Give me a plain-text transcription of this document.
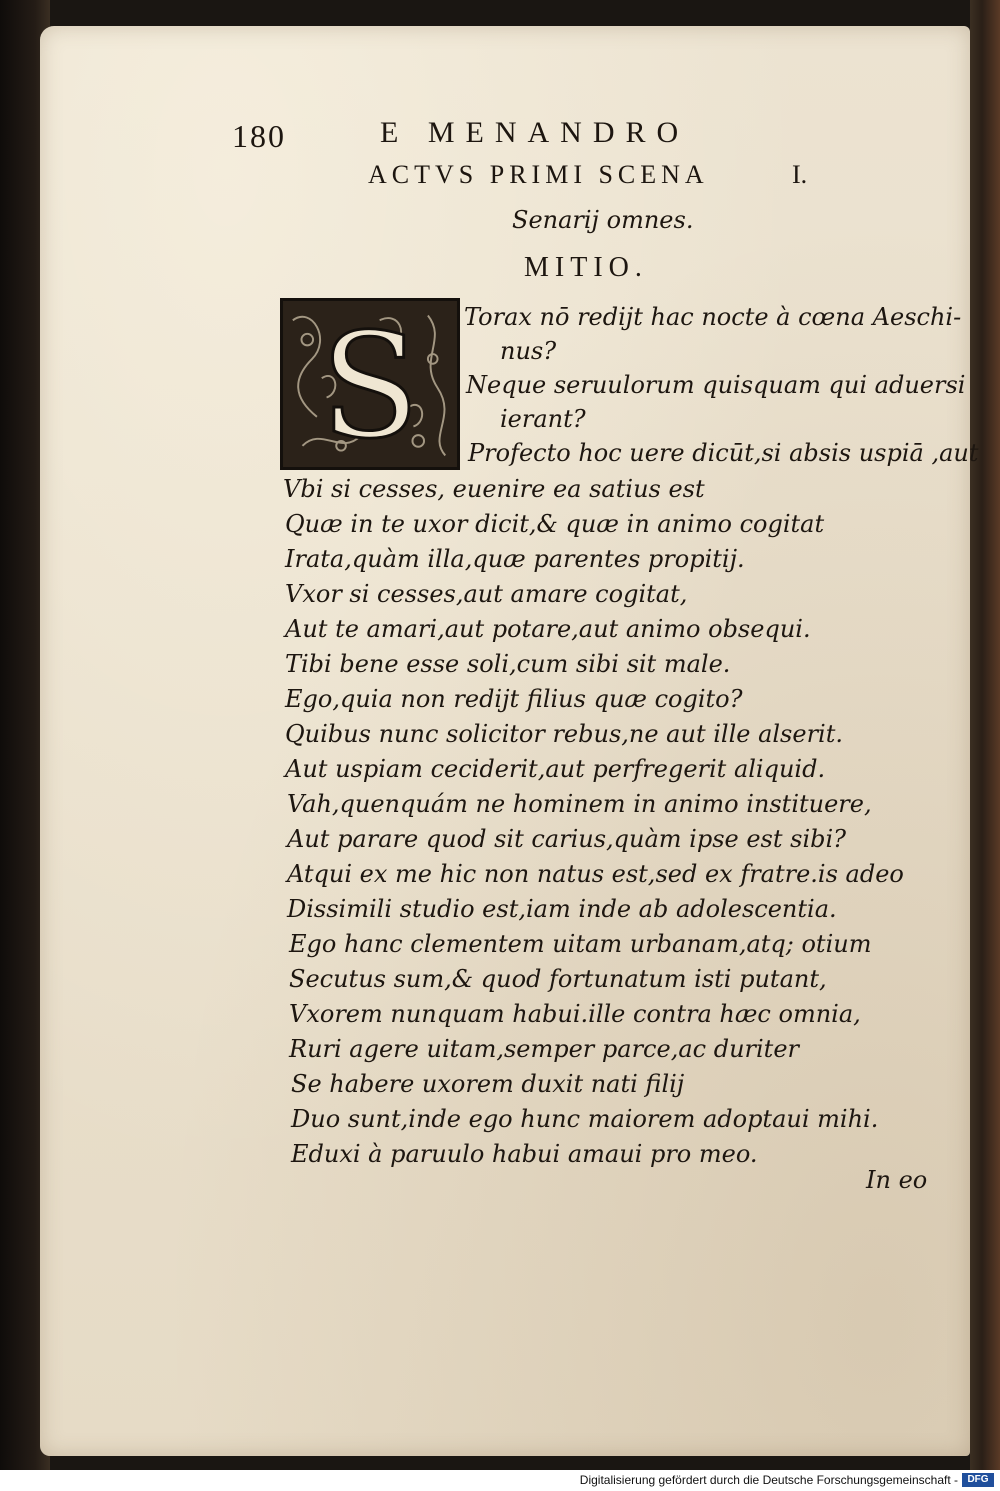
180	E MENANDRO
ACTVS PRIMI SCENA	I.
Senarij omnes.
MITIO.
S Torax nō rediјt hac nocte à cœna Aeschi-
nus?
Neque seruulorum quisquam qui aduersi
ierant?
Profecto hoc uere dicūt,si absis uspiā ,aut
Vbi si cesses, euenire ea satius est
Quæ in te uxor dicit,& quæ in animo cogitat
Irata,quàm illa,quæ parentes propitij.
Vxor si cesses,aut amare cogitat,
Aut te amari,aut potare,aut animo obsequi.
Tibi bene esse soli,cum sibi sit male.
Ego,quia non rediјt filius quæ cogito?
Quibus nunc solicitor rebus,ne aut ille alserit.
Aut uspiam ceciderit,aut perfregerit aliquid.
Vah,quenquám ne hominem in animo instituere,
Aut parare quod sit carius,quàm ipse est sibi?
Atqui ex me hic non natus est,sed ex fratre.is adeo
Dissimili studio est,iam inde ab adolescentia.
Ego hanc clementem uitam urbanam,atq; otium
Secutus sum,& quod fortunatum isti putant,
Vxorem nunquam habui.ille contra hæc omnia,
Ruri agere uitam,semper parce,ac duriter
Se habere uxorem duxit nati filij
Duo sunt,inde ego hunc maiorem adoptaui mihi.
Eduxi à paruulo habui amaui pro meo.
In eo
Digitalisierung gefördert durch die Deutsche Forschungsgemeinschaft - DFG
